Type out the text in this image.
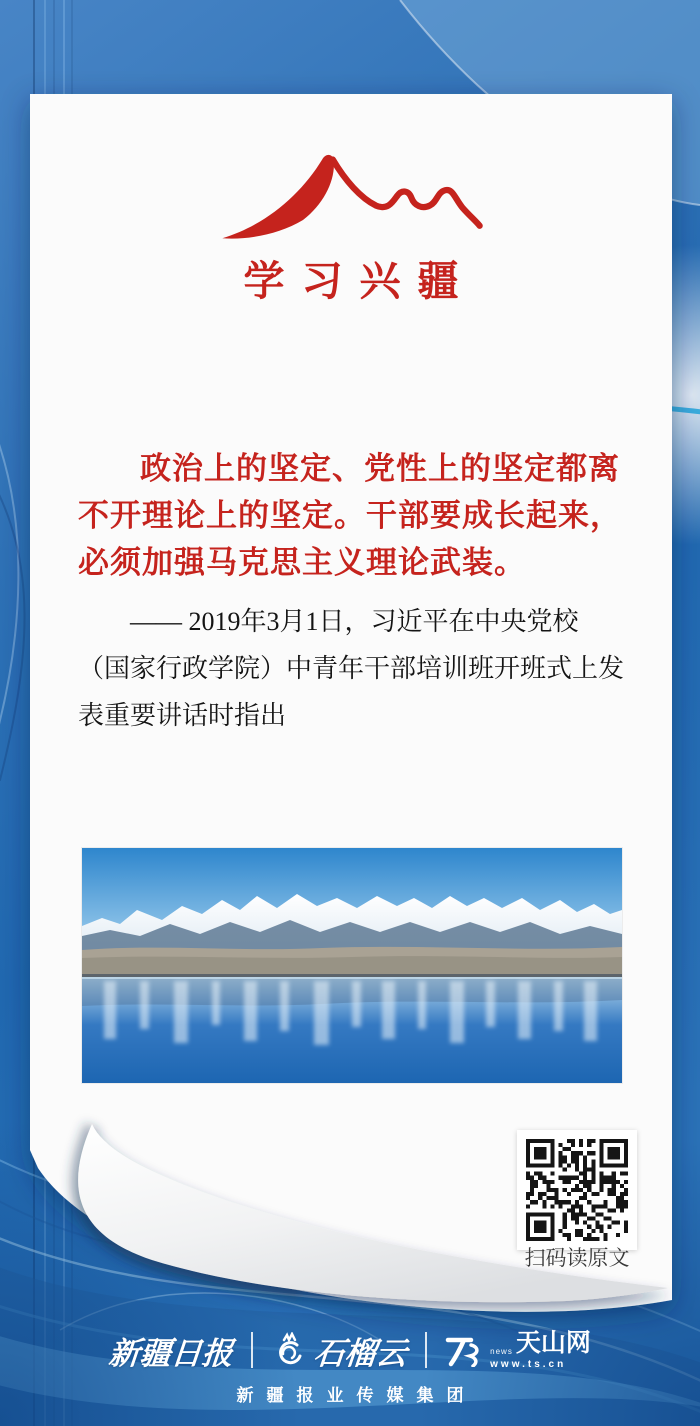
学习兴疆

政治上的坚定、党性上的坚定都离不开理论上的坚定。干部要成长起来，必须加强马克思主义理论武装。

—— 2019年3月1日，习近平在中央党校（国家行政学院）中青年干部培训班开班式上发表重要讲话时指出

扫码读原文
新疆日报	石榴云	news 天山网
www.ts.cn
新疆报业传媒集团
